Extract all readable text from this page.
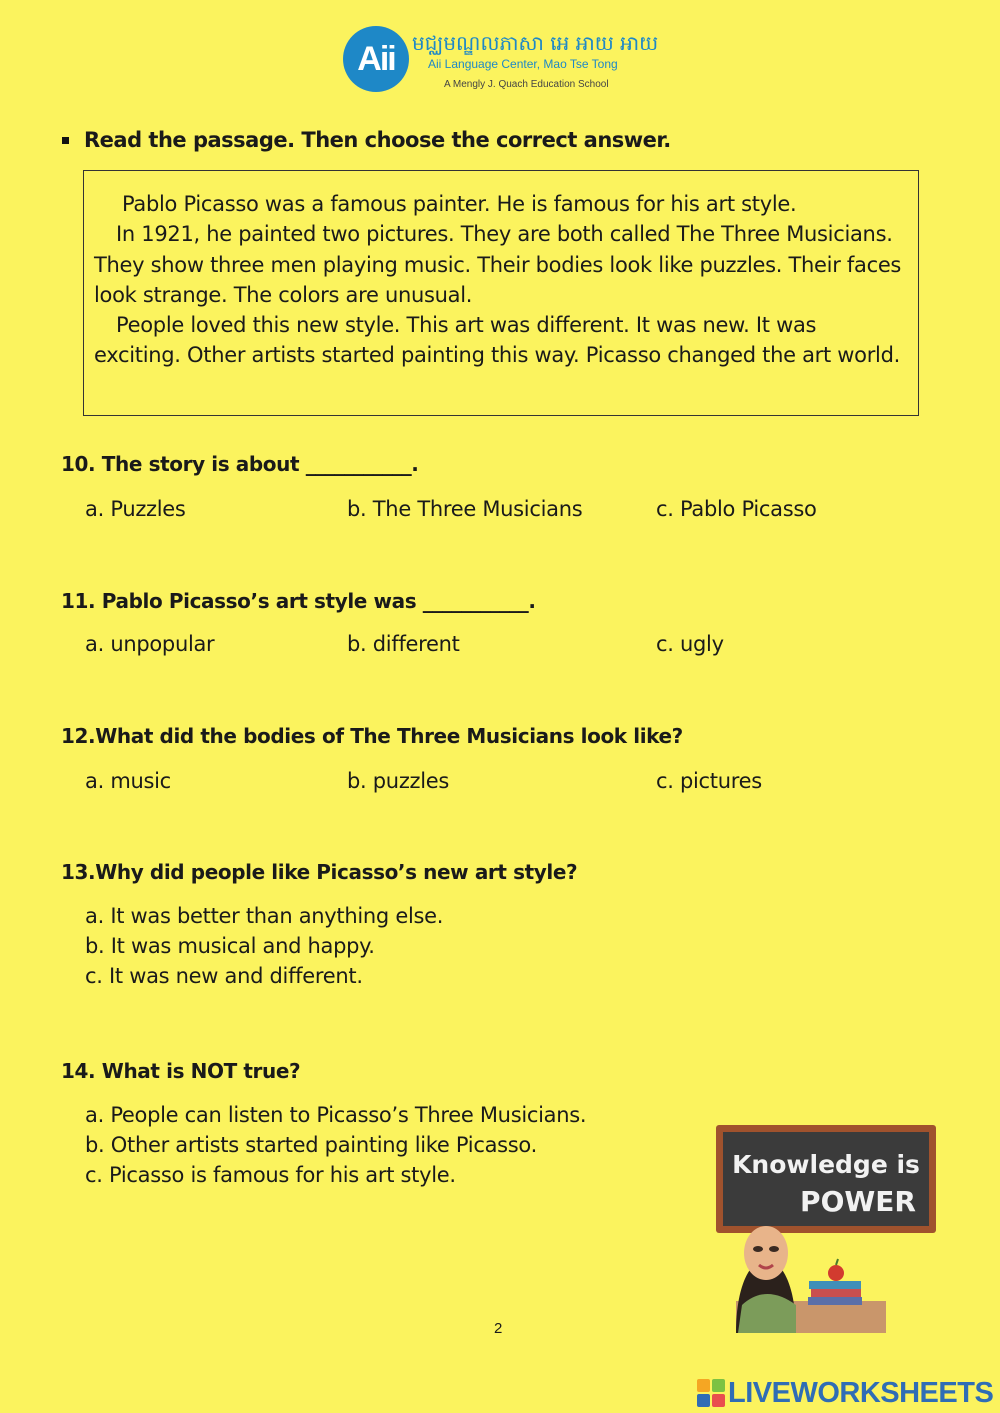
Aii មជ្ឈមណ្ឌលភាសា អេ អាយ អាយ
Aii Language Center, Mao Tse Tong
A Mengly J. Quach Education School
Read the passage. Then choose the correct answer.

Pablo Picasso was a famous painter. He is famous for his art style.

In 1921, he painted two pictures. They are both called The Three Musicians. They show three men playing music. Their bodies look like puzzles. Their faces look strange. The colors are unusual.

People loved this new style. This art was different. It was new. It was exciting. Other artists started painting this way. Picasso changed the art world.

10. The story is about ___________.
a. Puzzles	b. The Three Musicians	c. Pablo Picasso
11. Pablo Picasso’s art style was ___________.
a. unpopular	b. different	c. ugly
12.What did the bodies of The Three Musicians look like?
a. music	b. puzzles	c. pictures
13.Why did people like Picasso’s new art style?
a. It was better than anything else.
b. It was musical and happy.
c. It was new and different.
14. What is NOT true?
a. People can listen to Picasso’s Three Musicians.
b. Other artists started painting like Picasso.
c. Picasso is famous for his art style.	Knowledge is
POWER
2
LIVEWORKSHEETS
